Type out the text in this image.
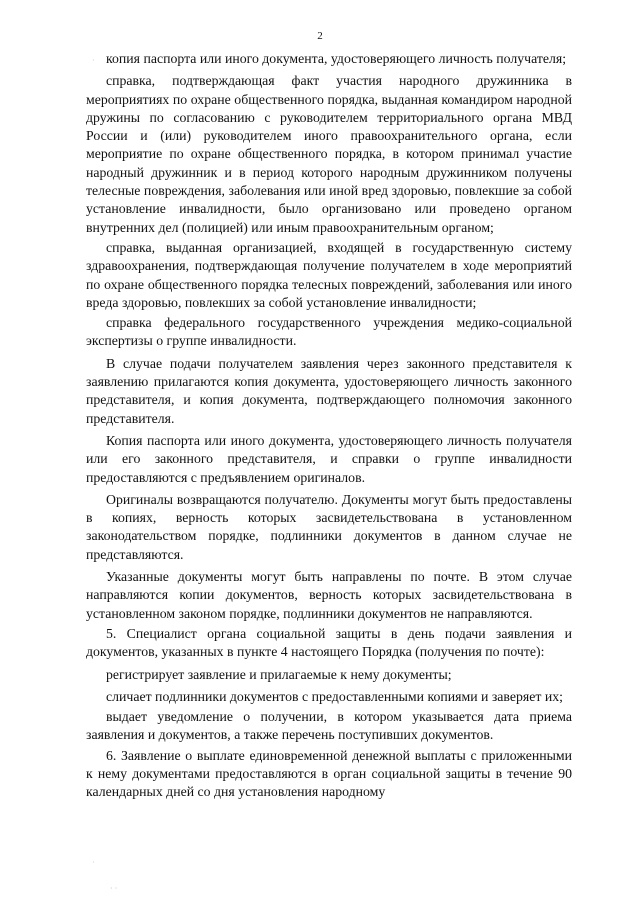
2

копия паспорта или иного документа, удостоверяющего личность получателя;

справка, подтверждающая факт участия народного дружинника в мероприятиях по охране общественного порядка, выданная командиром народной дружины по согласованию с руководителем территориального органа МВД России и (или) руководителем иного правоохранительного органа, если мероприятие по охране общественного порядка, в котором принимал участие народный дружинник и в период которого народным дружинником получены телесные повреждения, заболевания или иной вред здоровью, повлекшие за собой установление инвалидности, было организовано или проведено органом внутренних дел (полицией) или иным правоохранительным органом;

справка, выданная организацией, входящей в государственную систему здравоохранения, подтверждающая получение получателем в ходе мероприятий по охране общественного порядка телесных повреждений, заболевания или иного вреда здоровью, повлекших за собой установление инвалидности;

справка федерального государственного учреждения медико-социальной экспертизы о группе инвалидности.

В случае подачи получателем заявления через законного представителя к заявлению прилагаются копия документа, удостоверяющего личность законного представителя, и копия документа, подтверждающего полномочия законного представителя.

Копия паспорта или иного документа, удостоверяющего личность получателя или его законного представителя, и справки о группе инвалидности предоставляются с предъявлением оригиналов.

Оригиналы возвращаются получателю. Документы могут быть предоставлены в копиях, верность которых засвидетельствована в установленном законодательством порядке, подлинники документов в данном случае не представляются.

Указанные документы могут быть направлены по почте. В этом случае направляются копии документов, верность которых засвидетельствована в установленном законом порядке, подлинники документов не направляются.

5. Специалист органа социальной защиты в день подачи заявления и документов, указанных в пункте 4 настоящего Порядка (получения по почте):

регистрирует заявление и прилагаемые к нему документы;

сличает подлинники документов с предоставленными копиями и заверяет их;

выдает уведомление о получении, в котором указывается дата приема заявления и документов, а также перечень поступивших документов.

6. Заявление о выплате единовременной денежной выплаты с приложенными к нему документами предоставляются в орган социальной защиты в течение 90 календарных дней со дня установления народному

·
·
· ·
